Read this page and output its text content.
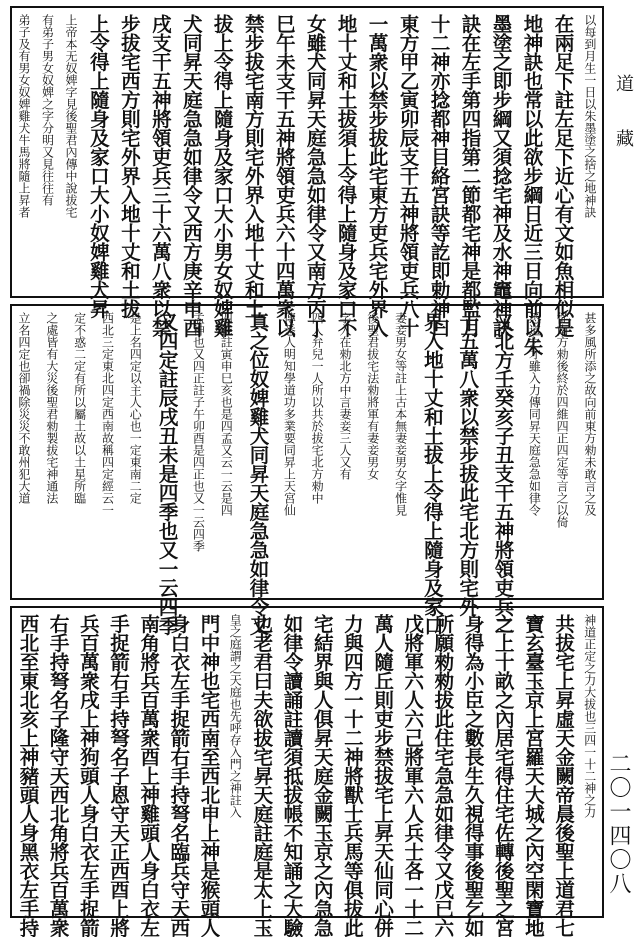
以每到月生一日以朱墨塗之捨之地神訣
在兩足下註左足下近心有文如魚相似是
地神訣也常以此欲步綱日近三日向前以朱
墨塗之即步綱又須捻宅神及水神竈神訣
訣在左手第四指第二節都宅神是都監月
十二神亦捻都神目絡宮訣等訖即勅神曰
東方甲乙寅卯辰支干五神將領吏兵八十
一萬衆以禁步拔此宅東方吏兵宅外界入
地十丈和土拔須上令得上隨身及家口不
女雖犬同昇天庭急急如律令又南方丙丁
巳午未支干五神將領吏兵六十四萬衆以
禁步拔宅南方則宅外界入地十丈和土
拔上令得上隨身及家口大小男女奴婢雞
犬同昇天庭急急如律令又西方庚辛申酉
戌支干五神將領吏兵三十六萬八衆以禁
步拔宅西方則宅外界入地十丈和土拔
上令得上隨身及家口大小奴婢雞犬昇
上帝本无奴婢字見後聖君內傳中說拔宅
有弟子男女奴婢之字分明又見往往有
弟子及有男女奴婢雞犬牛馬將隨上昇者
甚多風所添之故向前東方勑未敢言之及
從南方勑後終於四維四正四定等言之以倚
悉道之才雖入力傳同昇天庭急急如律令
又北方壬癸亥子丑支干五神將領吏兵二
十五萬八衆以禁步拔此宅北方則宅外
界入地十丈和土拔上令得上隨身及家口
妻妾男女等註上古本無妻妾男女字惟見
後聖君拔宅法勑將軍有妻妾男女
字入在勑北方中言妻妾三人又有
四人弁兒一人所以共於拔宅北方勑中
傳悉人明知學道功多業要同昇上天宮仙
真之位奴婢雞犬同昇天庭急急如律令又
四維註寅申巳亥也是四孟又云一云是四
孟神也又四正註子午卯酉是四正也又一云四季
又四定註辰戌丑未是四季也又一云四季
是上名四定以主人心也一定東南二定
西北三定東北四定西南故稱四定經云一
定不惑二定有所以屬土故以土星所臨
之處皆有大災後聖君勑製拔宅神通法
立名四定也卻禍除災災不敢州犯大道
神道正定之力大拔也三四一十二神之力
共拔宅上昇虛天金闕帝晨後聖上道君七
寶玄臺玉京上宮羅天大城之內空閑寶地
之上十畝之內居宅得住宅佐轉後聖之宮
身得為小臣之數長生久視得事後聖乞如
所願勑勑拔此住宅急急如律令又戊已六
戊將軍六人六己將軍六人兵士各一十二
萬人隨丘則吏步禁拔宅上昇天仙同心併
力與四方一十二神將獸士兵馬等俱拔此
宅結界與人俱昇天庭金闕玉京之內急急
如律令讀誦註讀須抵拔帳不知誦之大驗
也老君曰夫欲拔宅昇天庭註庭是太上玉
皇之庭謂之天庭也先呼存入門之神註入
門中神也宅西南至西北申上神是猴頭人
身白衣左手捉箭右手持弩名臨兵守天西
南角將兵百萬衆酉上神雞頭人身白衣左
手捉箭右手持弩名子恩守天正西酉上將
兵百萬衆戌上神狗頭人身白衣左手捉箭
右手持弩名子隆守天西北角將兵百萬衆
西北至東北亥上神豬頭人身黑衣左手持
道 藏
二〇一四〇八
